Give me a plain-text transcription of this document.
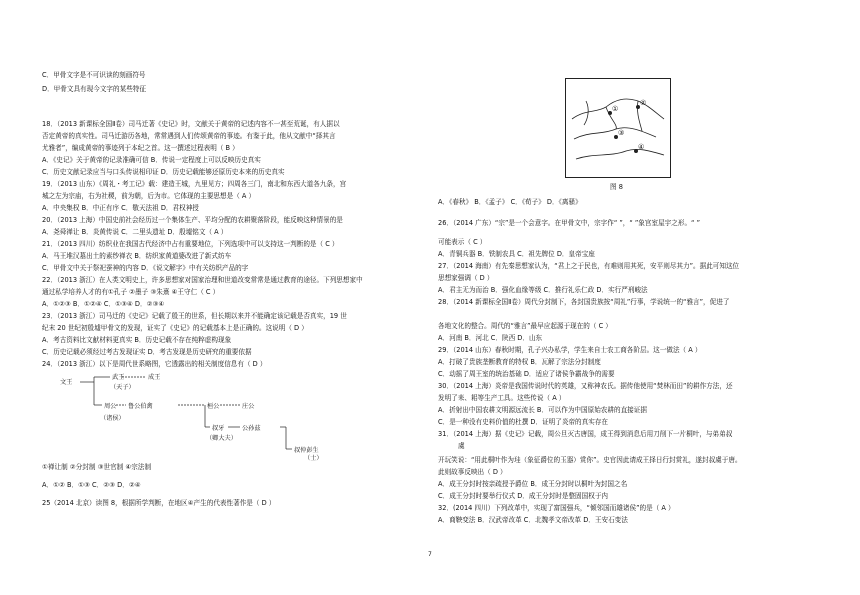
C．甲骨文字是不可识读的刻画符号
D．甲骨文具有现今文字的某些特征
18．（2013 新课标全国Ⅱ卷）司马迁著《史记》时，文献关于黄帝的记述内容不一甚至荒诞，有人据以
否定黄帝的真实性。司马迁游历各地，常常遇到人们传颂黄帝的事迹。有鉴于此，他从文献中“择其言
尤雅者”，编成黄帝的事迹列于本纪之首。这一撰述过程表明（ B ）
A．《史记》关于黄帝的记录准确可信 B．传说一定程度上可以反映历史真实
C．历史文献记录应当与口头传说相印证 D．历史记载能够还原历史本来的历史真实
19．（2013 山东）《周礼・考工记》载：建造王城，九里见方；四周各三门，南北和东西大道各九条，宫
城之左为宗庙，右为社稷，前为朝，后为市。它体现的主要思想是（ A ）
A．中央集权 B．中正有序 C．敬天法祖 D．君权神授
20．（2013 上海）中国史前社会经历过一个集体生产、平均分配的农耕聚落阶段，能反映这种情景的是
A．尧舜禅让 B．炎黄传说 C．二里头遗址 D．殷墟铭文（ A ）
21．（2013 四川）纺织业在我国古代经济中占有重要地位，下列选项中可以支持这一判断的是（ C ）
A．马王堆汉墓出土的素纱禅衣 B．纺织家黄道婆改进了新式纺车
C．甲骨文中关于祭祀蚕神的内容 D．《说文解字》中有关纺织产品的字
22．（2013 浙江）在人类文明史上，许多思想家对国家治理和世道改变常常是通过教育的途径。下列思想家中
通过私学培养人才的有①孔子 ②墨子 ③朱熹 ④王守仁（ C ）
A．①②③ B．①②④ C．①③④ D．②③④
23．（2013 浙江）司马迁的《史记》记载了殷王的世系，但长期以来并不能确定该记载是否真实，19 世
纪末 20 世纪初殷墟甲骨文的发现，证实了《史记》的记载基本上是正确的。这说明（ D ）
A．考古资料比文献材料更真实 B．历史记载不存在纯粹虚构现象
C．历史记载必须经过考古发现证实 D．考古发现是历史研究的重要依据
24．（2013 浙江）以下是周代世系略图，它透露出的相关制度信息有（ D ）
①禅让制 ②分封制 ③世官制 ④宗法制
A．①② B．①③ C．②③ D．②④
25（2014 北京）读图 8，根据所学判断，在地区④产生的代表性著作是（ D ）
文王
武王	成王
（天子）
周公 鲁公伯禽	桓公	庄公
（诸侯）
叔牙	公孙兹
（卿大夫）
叔仲彭生
（士）
①
②
③
④
图 8
A．《春秋》 B．《孟子》 C．《荀子》 D．《离骚》
26．（2014 广东）“宗”是一个会意字。在甲骨文中，宗字作“ ”，“ ”象宫室屋宇之形。“ ”
可能表示（ C ）
A．青铜兵器 B．铁制农具 C．祖先牌位 D．皇帝宝座
27．（2014 海南）有先秦思想家认为，“君上之于民也，有难则用其死，安平则尽其力”。据此可知这位
思想家强调（ D ）
A．君主无为而治 B．强化血缘等级 C．推行礼乐仁政 D．实行严刑峻法
28．（2014 新课标全国Ⅱ卷）周代分封制下，各封国贵族按“周礼”行事，学说统一的“雅言”，促进了
各地文化的整合。周代的“雅言”最早应起源于现在的（ C ）
A．河南 B．河北 C．陕西 D．山东
29．（2014 山东）春秋时期，孔子兴办私学，学生来自士农工商各阶层。这一做法（ A ）
A．打破了贵族垄断教育的特权 B．瓦解了宗法分封制度
C．动摇了周王室的统治基础 D．适应了诸侯争霸战争的需要
30．（2014 上海）炎帝是我国传说时代的英雄，又称神农氏。据传他使用“焚林而田”的耕作方法，还
发明了耒、耜等生产工具。这些传说（ A ）
A．折射出中国农耕文明源远流长 B．可以作为中国原始农耕的直接证据
C．是一种没有史料价值的杜撰 D．证明了炎帝的真实存在
31．（2014 上海）据《史记》记载，周公旦灭古唐国，成王得到消息后用刀削下一片桐叶，与弟弟叔
虞
开玩笑说：“用此桐叶作为珪（象征爵位的玉器）赏你”。史官因此请成王择日行封赏礼，遂封叔虞于唐。
此则故事反映出（ D ）
A．成王分封时按亲疏授予爵位 B．成王分封时以桐叶为封国之名
C．成王分封时要举行仪式 D．成王分封时是整固国权于内
32．(2014 四川）下列改革中，实现了富国强兵，“倾邻国而雄诸侯”的是（ A ）
A．商鞅变法 B．汉武帝改革 C．北魏孝文帝改革 D．王安石变法
7
